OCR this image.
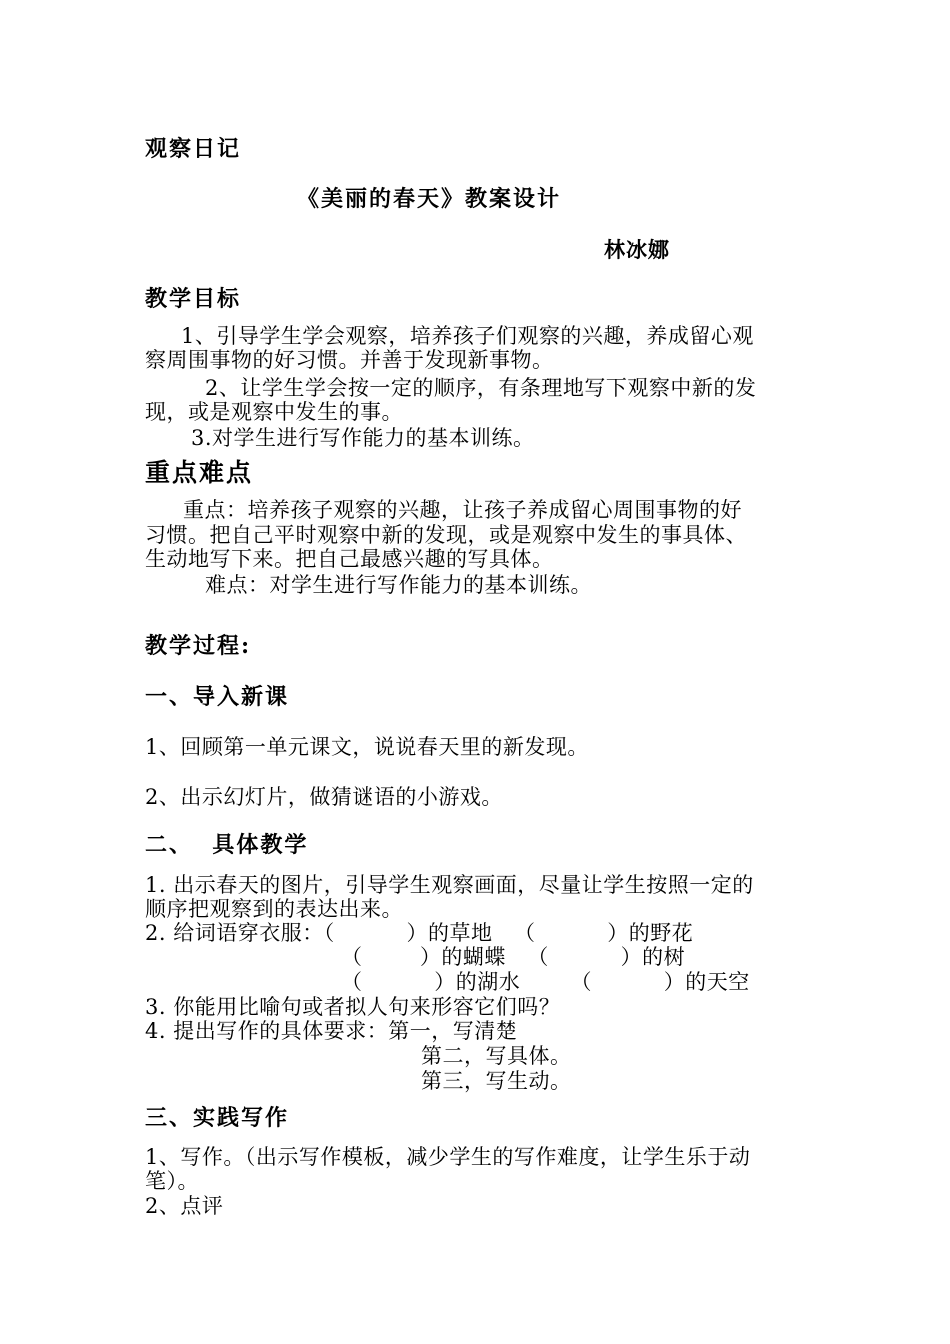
观察日记
《美丽的春天》教案设计
林冰娜
教学目标
1、引导学生学会观察，培养孩子们观察的兴趣，养成留心观
察周围事物的好习惯。并善于发现新事物。
2、让学生学会按一定的顺序，有条理地写下观察中新的发
现，或是观察中发生的事。
3.对学生进行写作能力的基本训练。
重点难点
重点：培养孩子观察的兴趣，让孩子养成留心周围事物的好
习惯。把自己平时观察中新的发现，或是观察中发生的事具体、
生动地写下来。把自己最感兴趣的写具体。
难点：对学生进行写作能力的基本训练。
教学过程:
一、导入新课
1、回顾第一单元课文，说说春天里的新发现。
2、出示幻灯片，做猜谜语的小游戏。
二、  具体教学
1. 出示春天的图片，引导学生观察画面，尽量让学生按照一定的
顺序把观察到的表达出来。
2. 给词语穿衣服：（          ）的草地   （          ）的野花
（        ）的蝴蝶   （          ）的树
（          ）的湖水       （          ）的天空
3. 你能用比喻句或者拟人句来形容它们吗？
4. 提出写作的具体要求：第一，写清楚
第二，写具体。
第三，写生动。
三、实践写作
1、写作。（出示写作模板，减少学生的写作难度，让学生乐于动
笔）。
2、点评
